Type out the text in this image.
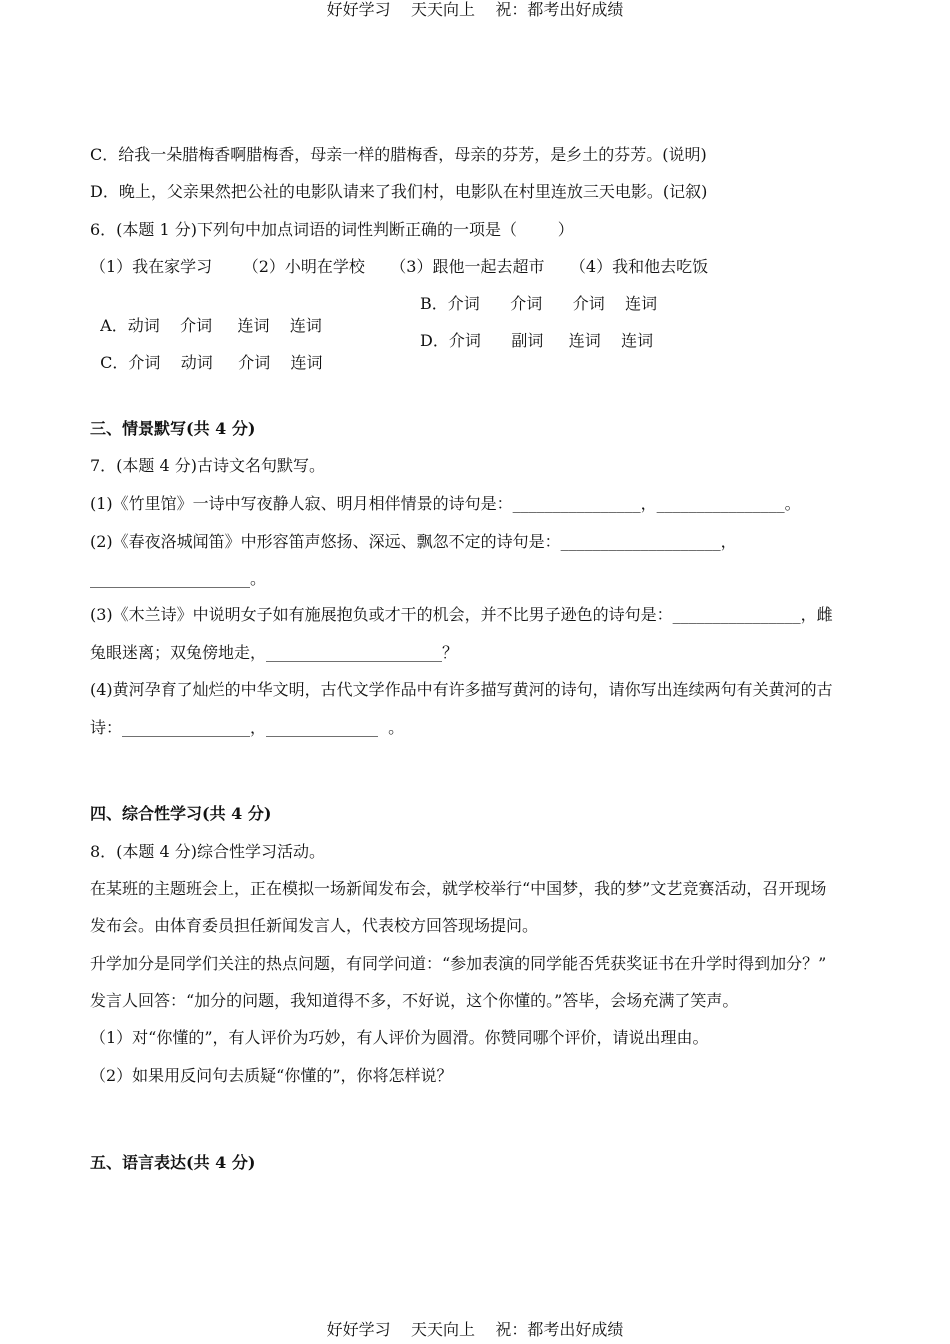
好好学习    天天向上    祝：都考出好成绩
C．给我一朵腊梅香啊腊梅香，母亲一样的腊梅香，母亲的芬芳，是乡土的芬芳。(说明)
D．晚上，父亲果然把公社的电影队请来了我们村，电影队在村里连放三天电影。(记叙)
6．(本题 1 分)下列句中加点词语的词性判断正确的一项是（        ）
（1）我在家学习      （2）小明在学校     （3）跟他一起去超市     （4）我和他去吃饭

A．动词    介词     连词    连词

B．介词      介词      介词    连词

C．介词    动词     介词    连词

D．介词      副词     连词    连词

三、情景默写(共 4 分)
7．(本题 4 分)古诗文名句默写。
(1)《竹里馆》一诗中写夜静人寂、明月相伴情景的诗句是：________________，________________。
(2)《春夜洛城闻笛》中形容笛声悠扬、深远、飘忽不定的诗句是：____________________，
____________________。
(3)《木兰诗》中说明女子如有施展抱负或才干的机会，并不比男子逊色的诗句是：________________，雌
兔眼迷离；双兔傍地走，______________________？
(4)黄河孕育了灿烂的中华文明，古代文学作品中有许多描写黄河的诗句，请你写出连续两句有关黄河的古
诗：________________，______________  。
四、综合性学习(共 4 分)
8．(本题 4 分)综合性学习活动。
在某班的主题班会上，正在模拟一场新闻发布会，就学校举行“中国梦，我的梦”文艺竞赛活动，召开现场
发布会。由体育委员担任新闻发言人，代表校方回答现场提问。
升学加分是同学们关注的热点问题，有同学问道：“参加表演的同学能否凭获奖证书在升学时得到加分？”
发言人回答：“加分的问题，我知道得不多，不好说，这个你懂的。”答毕，会场充满了笑声。
（1）对“你懂的”，有人评价为巧妙，有人评价为圆滑。你赞同哪个评价，请说出理由。
（2）如果用反问句去质疑“你懂的”，你将怎样说？
五、语言表达(共 4 分)
好好学习    天天向上    祝：都考出好成绩
